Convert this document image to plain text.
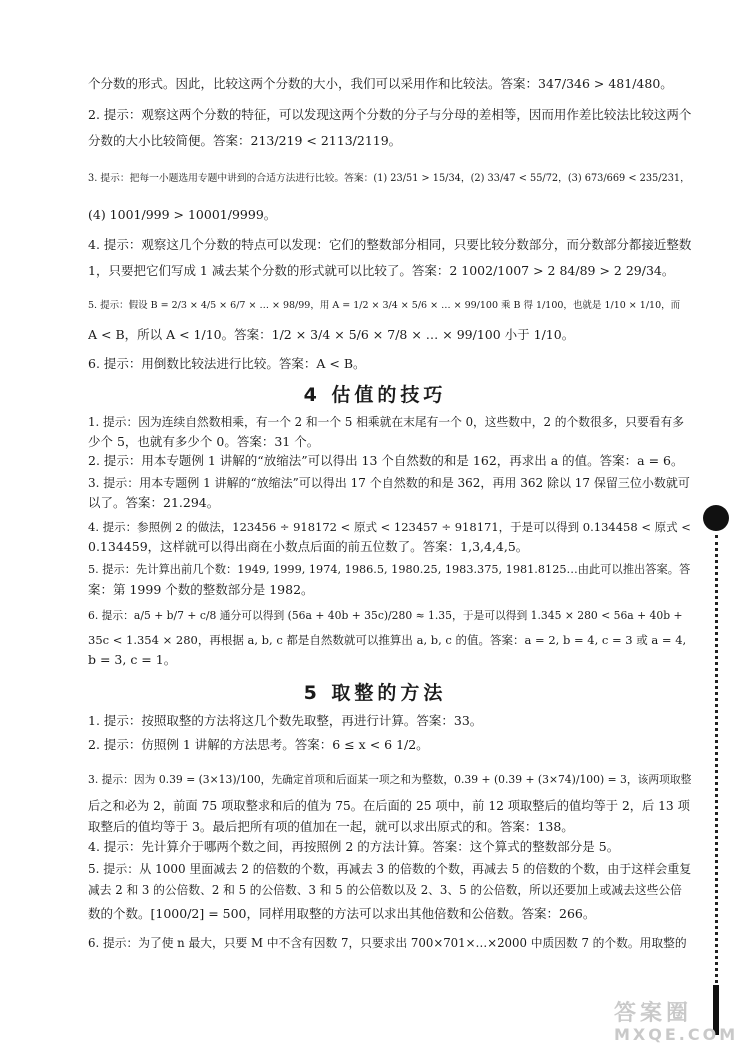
个分数的形式。因此，比较这两个分数的大小，我们可以采用作和比较法。答案：347/346 > 481/480。
2. 提示：观察这两个分数的特征，可以发现这两个分数的分子与分母的差相等，因而用作差比较法比较这两个
分数的大小比较简便。答案：213/219 < 2113/2119。
3. 提示：把每一小题选用专题中讲到的合适方法进行比较。答案：(1) 23/51 > 15/34，(2) 33/47 < 55/72，(3) 673/669 < 235/231，
(4) 1001/999 > 10001/9999。
4. 提示：观察这几个分数的特点可以发现：它们的整数部分相同，只要比较分数部分，而分数部分都接近整数
1，只要把它们写成 1 减去某个分数的形式就可以比较了。答案：2 1002/1007 > 2 84/89 > 2 29/34。
5. 提示：假设 B = 2/3 × 4/5 × 6/7 × … × 98/99，用 A = 1/2 × 3/4 × 5/6 × … × 99/100 乘 B 得 1/100，也就是 1/10 × 1/10，而
A < B，所以 A < 1/10。答案：1/2 × 3/4 × 5/6 × 7/8 × … × 99/100 小于 1/10。
6. 提示：用倒数比较法进行比较。答案：A < B。
4 估值的技巧
1. 提示：因为连续自然数相乘，有一个 2 和一个 5 相乘就在末尾有一个 0，这些数中，2 的个数很多，只要看有多
少个 5，也就有多少个 0。答案：31 个。
2. 提示：用本专题例 1 讲解的“放缩法”可以得出 13 个自然数的和是 162，再求出 a 的值。答案：a = 6。
3. 提示：用本专题例 1 讲解的“放缩法”可以得出 17 个自然数的和是 362，再用 362 除以 17 保留三位小数就可
以了。答案：21.294。
4. 提示：参照例 2 的做法，123456 ÷ 918172 < 原式 < 123457 ÷ 918171，于是可以得到 0.134458 < 原式 <
0.134459，这样就可以得出商在小数点后面的前五位数了。答案：1,3,4,4,5。
5. 提示：先计算出前几个数：1949, 1999, 1974, 1986.5, 1980.25, 1983.375, 1981.8125…由此可以推出答案。答
案：第 1999 个数的整数部分是 1982。
6. 提示：a/5 + b/7 + c/8 通分可以得到 (56a + 40b + 35c)/280 ≈ 1.35，于是可以得到 1.345 × 280 < 56a + 40b +
35c < 1.354 × 280，再根据 a, b, c 都是自然数就可以推算出 a, b, c 的值。答案：a = 2, b = 4, c = 3 或 a = 4,
b = 3, c = 1。
5 取整的方法
1. 提示：按照取整的方法将这几个数先取整，再进行计算。答案：33。
2. 提示：仿照例 1 讲解的方法思考。答案：6 ≤ x < 6 1/2。
3. 提示：因为 0.39 = (3×13)/100，先确定首项和后面某一项之和为整数，0.39 + (0.39 + (3×74)/100) = 3，该两项取整
后之和必为 2，前面 75 项取整求和后的值为 75。在后面的 25 项中，前 12 项取整后的值均等于 2，后 13 项
取整后的值均等于 3。最后把所有项的值加在一起，就可以求出原式的和。答案：138。
4. 提示：先计算介于哪两个数之间，再按照例 2 的方法计算。答案：这个算式的整数部分是 5。
5. 提示：从 1000 里面减去 2 的倍数的个数，再减去 3 的倍数的个数，再减去 5 的倍数的个数，由于这样会重复
减去 2 和 3 的公倍数、2 和 5 的公倍数、3 和 5 的公倍数以及 2、3、5 的公倍数，所以还要加上或减去这些公倍
数的个数。[1000/2] = 500，同样用取整的方法可以求出其他倍数和公倍数。答案：266。
6. 提示：为了使 n 最大，只要 M 中不含有因数 7，只要求出 700×701×…×2000 中质因数 7 的个数。用取整的
答案圈
MXQE.COM
